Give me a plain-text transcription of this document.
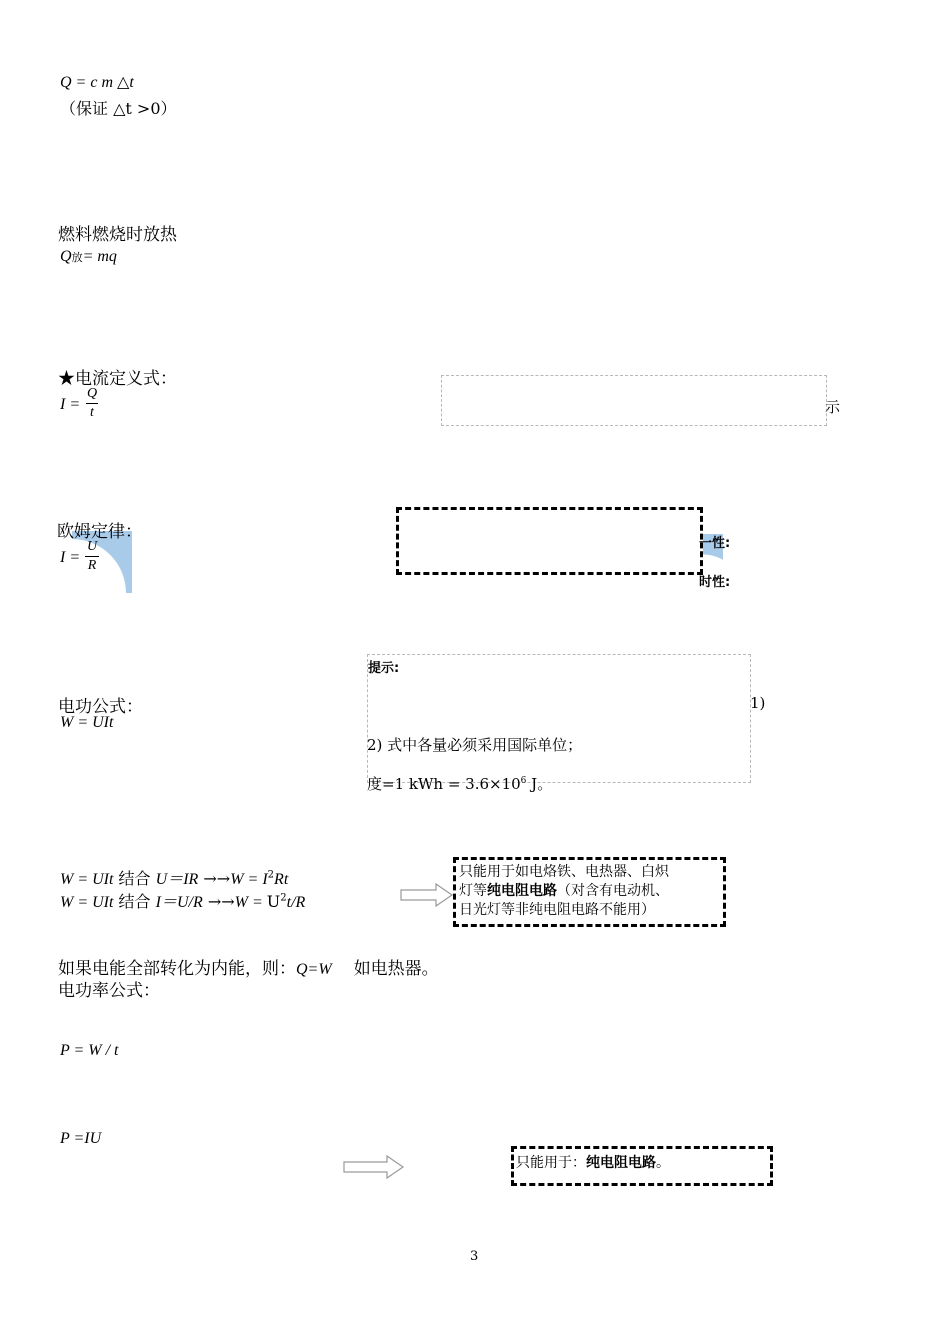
Q = c m △t
（保证 △t >0）
燃料燃烧时放热
Q放= mq
★电流定义式：
I =
Q
t	示
欧姆定律：
I =
U
R
一性:
时性:
提示:
1)
2) 式中各量必须采用国际单位；
度=1 kWh = $3.6\times 10^6$ J。
电功公式：
W = UIt
W = UIt 结合 $U=IR \to\to W = I^2Rt$
W = UIt 结合 $I=U/R \to\to W = U^2t/R$
只能用于如电烙铁、电热器、白炽
灯等纯电阻电路（对含有电动机、
日光灯等非纯电阻电路不能用）
如果电能全部转化为内能，则：Q=W 如电热器。
电功率公式：
P = W / t
P =IU
只能用于：纯电阻电路。
3
